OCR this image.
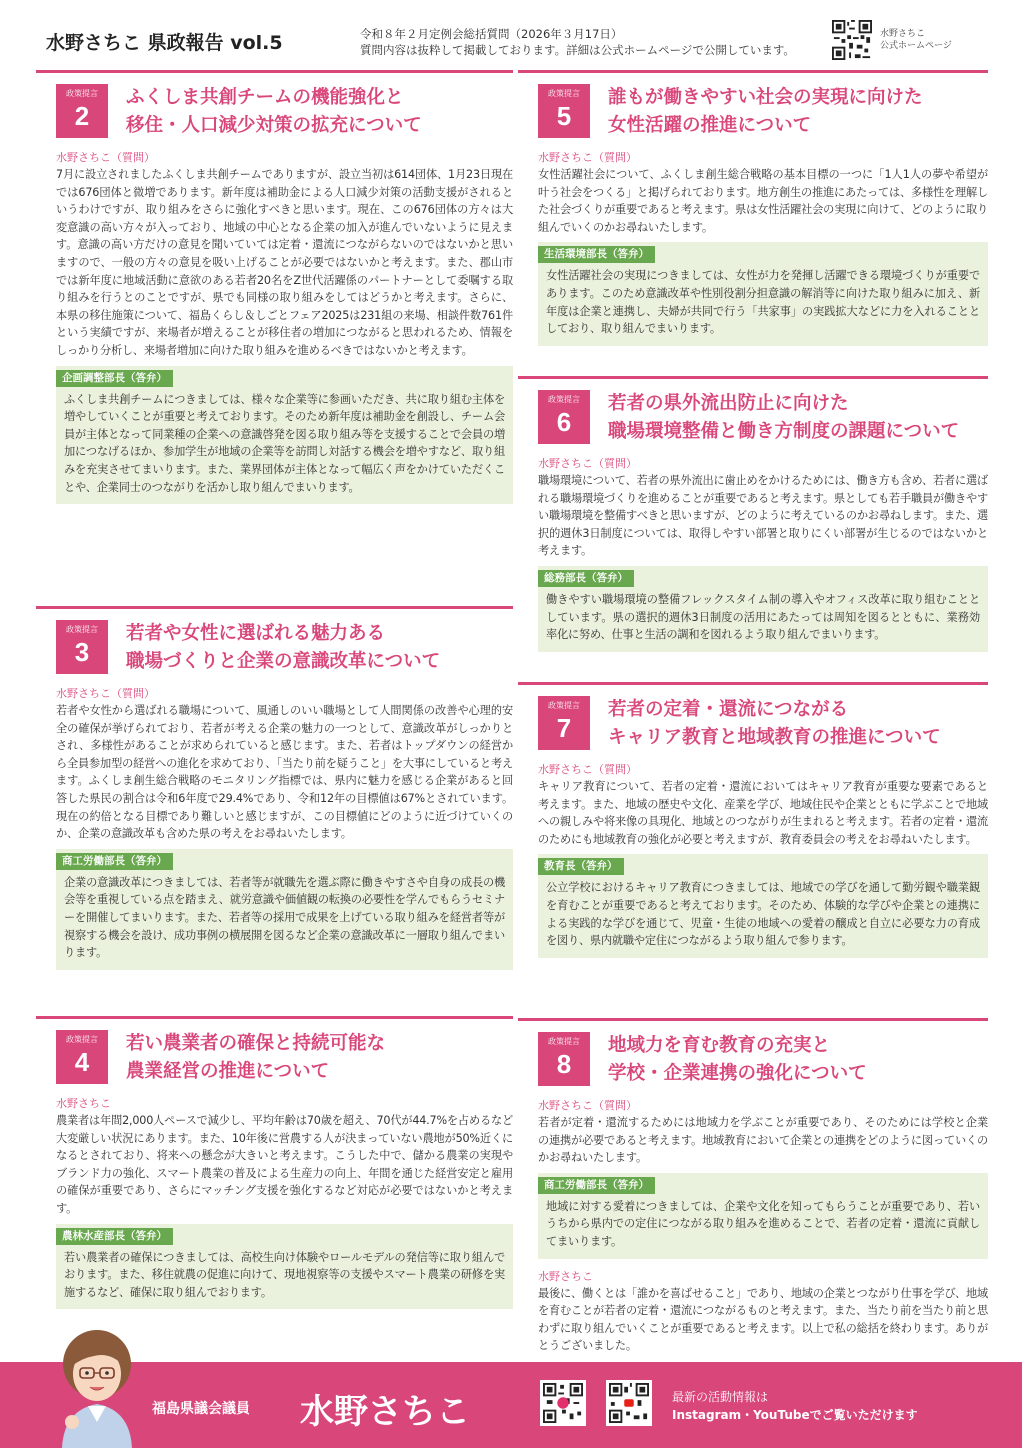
水野さちこ 県政報告 vol.5	令和８年２月定例会総括質問（2026年３月17日）
質問内容は抜粋して掲載しております。詳細は公式ホームページで公開しています。
水野さちこ
公式ホームページ
政策提言
2
ふくしま共創チームの機能強化と
移住・人口減少対策の拡充について
水野さちこ（質問）
7月に設立されましたふくしま共創チームでありますが、設立当初は614団体、1月23日現在では676団体と微増であります。新年度は補助金による人口減少対策の活動支援がされるというわけですが、取り組みをさらに強化すべきと思います。現在、この676団体の方々は大変意識の高い方々が入っており、地域の中心となる企業の加入が進んでいないように見えます。意識の高い方だけの意見を聞いていては定着・還流につながらないのではないかと思いますので、一般の方々の意見を吸い上げることが必要ではないかと考えます。また、郡山市では新年度に地域活動に意欲のある若者20名をZ世代活躍係のパートナーとして委嘱する取り組みを行うとのことですが、県でも同様の取り組みをしてはどうかと考えます。さらに、本県の移住施策について、福島くらし＆しごとフェア2025は231組の来場、相談件数761件という実績ですが、来場者が増えることが移住者の増加につながると思われるため、情報をしっかり分析し、来場者増加に向けた取り組みを進めるべきではないかと考えます。
企画調整部長（答弁）
ふくしま共創チームにつきましては、様々な企業等に参画いただき、共に取り組む主体を増やしていくことが重要と考えております。そのため新年度は補助金を創設し、チーム会員が主体となって同業種の企業への意識啓発を図る取り組み等を支援することで会員の増加につなげるほか、参加学生が地域の企業等を訪問し対話する機会を増やすなど、取り組みを充実させてまいります。また、業界団体が主体となって幅広く声をかけていただくことや、企業同士のつながりを活かし取り組んでまいります。
政策提言
3
若者や女性に選ばれる魅力ある
職場づくりと企業の意識改革について
水野さちこ（質問）
若者や女性から選ばれる職場について、風通しのいい職場として人間関係の改善や心理的安全の確保が挙げられており、若者が考える企業の魅力の一つとして、意識改革がしっかりとされ、多様性があることが求められていると感じます。また、若者はトップダウンの経営から全員参加型の経営への進化を求めており、「当たり前を疑うこと」を大事にしていると考えます。ふくしま創生総合戦略のモニタリング指標では、県内に魅力を感じる企業があると回答した県民の割合は令和6年度で29.4%であり、令和12年の目標値は67%とされています。現在の約倍となる目標であり難しいと感じますが、この目標値にどのように近づけていくのか、企業の意識改革も含めた県の考えをお尋ねいたします。
商工労働部長（答弁）
企業の意識改革につきましては、若者等が就職先を選ぶ際に働きやすさや自身の成長の機会等を重視している点を踏まえ、就労意識や価値観の転換の必要性を学んでもらうセミナーを開催してまいります。また、若者等の採用で成果を上げている取り組みを経営者等が視察する機会を設け、成功事例の横展開を図るなど企業の意識改革に一層取り組んでまいります。
政策提言
4
若い農業者の確保と持続可能な
農業経営の推進について
水野さちこ
農業者は年間2,000人ペースで減少し、平均年齢は70歳を超え、70代が44.7%を占めるなど大変厳しい状況にあります。また、10年後に営農する人が決まっていない農地が50%近くになるとされており、将来への懸念が大きいと考えます。こうした中で、儲かる農業の実現やブランド力の強化、スマート農業の普及による生産力の向上、年間を通じた経営安定と雇用の確保が重要であり、さらにマッチング支援を強化するなど対応が必要ではないかと考えます。
農林水産部長（答弁）
若い農業者の確保につきましては、高校生向け体験やロールモデルの発信等に取り組んでおります。また、移住就農の促進に向けて、現地視察等の支援やスマート農業の研修を実施するなど、確保に取り組んでおります。
政策提言
5
誰もが働きやすい社会の実現に向けた
女性活躍の推進について
水野さちこ（質問）
女性活躍社会について、ふくしま創生総合戦略の基本目標の一つに「1人1人の夢や希望が叶う社会をつくる」と掲げられております。地方創生の推進にあたっては、多様性を理解した社会づくりが重要であると考えます。県は女性活躍社会の実現に向けて、どのように取り組んでいくのかお尋ねいたします。
生活環境部長（答弁）
女性活躍社会の実現につきましては、女性が力を発揮し活躍できる環境づくりが重要であります。このため意識改革や性別役割分担意識の解消等に向けた取り組みに加え、新年度は企業と連携し、夫婦が共同で行う「共家事」の実践拡大などに力を入れることとしており、取り組んでまいります。
政策提言
6
若者の県外流出防止に向けた
職場環境整備と働き方制度の課題について
水野さちこ（質問）
職場環境について、若者の県外流出に歯止めをかけるためには、働き方も含め、若者に選ばれる職場環境づくりを進めることが重要であると考えます。県としても若手職員が働きやすい職場環境を整備すべきと思いますが、どのように考えているのかお尋ねします。また、選択的週休3日制度については、取得しやすい部署と取りにくい部署が生じるのではないかと考えます。
総務部長（答弁）
働きやすい職場環境の整備フレックスタイム制の導入やオフィス改革に取り組むこととしています。県の選択的週休3日制度の活用にあたっては周知を図るとともに、業務効率化に努め、仕事と生活の調和を図れるよう取り組んでまいります。
政策提言
7
若者の定着・還流につながる
キャリア教育と地域教育の推進について
水野さちこ（質問）
キャリア教育について、若者の定着・還流においてはキャリア教育が重要な要素であると考えます。また、地域の歴史や文化、産業を学び、地域住民や企業とともに学ぶことで地域への親しみや将来像の具現化、地域とのつながりが生まれると考えます。若者の定着・還流のためにも地域教育の強化が必要と考えますが、教育委員会の考えをお尋ねいたします。
教育長（答弁）
公立学校におけるキャリア教育につきましては、地域での学びを通して勤労観や職業観を育むことが重要であると考えております。そのため、体験的な学びや企業との連携による実践的な学びを通じて、児童・生徒の地域への愛着の醸成と自立に必要な力の育成を図り、県内就職や定住につながるよう取り組んで参ります。
政策提言
8
地域力を育む教育の充実と
学校・企業連携の強化について
水野さちこ（質問）
若者が定着・還流するためには地域力を学ぶことが重要であり、そのためには学校と企業の連携が必要であると考えます。地域教育において企業との連携をどのように図っていくのかお尋ねいたします。
商工労働部長（答弁）
地域に対する愛着につきましては、企業や文化を知ってもらうことが重要であり、若いうちから県内での定住につながる取り組みを進めることで、若者の定着・還流に貢献してまいります。
水野さちこ
最後に、働くとは「誰かを喜ばせること」であり、地域の企業とつながり仕事を学び、地域を育むことが若者の定着・還流につながるものと考えます。また、当たり前を当たり前と思わずに取り組んでいくことが重要であると考えます。以上で私の総括を終わります。ありがとうございました。
福島県議会議員 水野さちこ	最新の活動情報は
Instagram・YouTubeでご覧いただけます
